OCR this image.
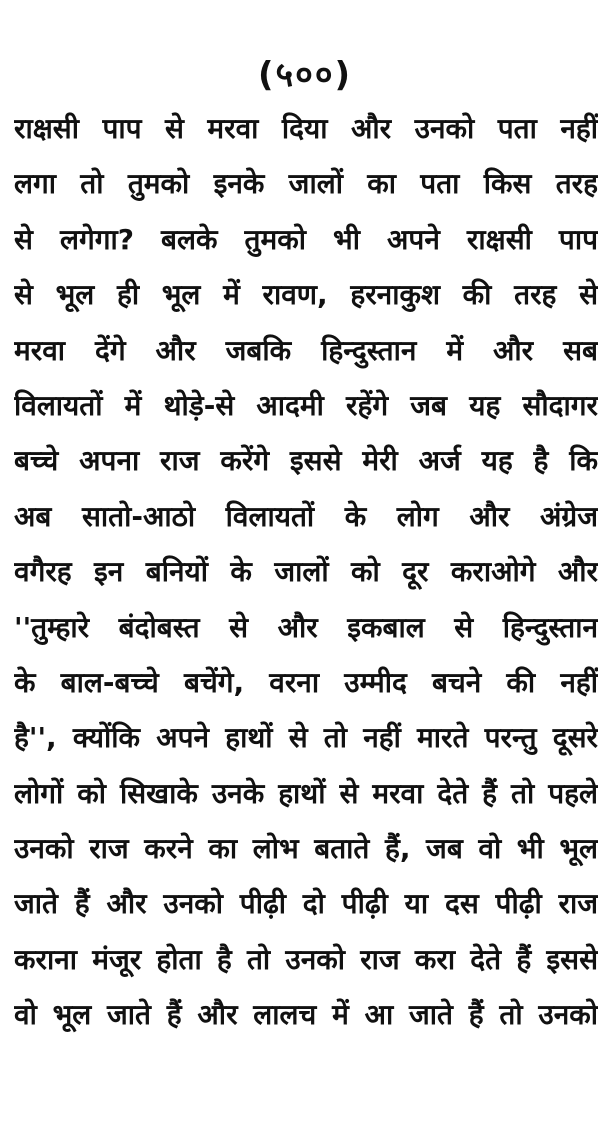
(५००)
राक्षसी पाप से मरवा दिया और उनको पता नहीं
लगा तो तुमको इनके जालों का पता किस तरह
से लगेगा? बलके तुमको भी अपने राक्षसी पाप
से भूल ही भूल में रावण, हरनाकुश की तरह से
मरवा देंगे और जबकि हिन्दुस्तान में और सब
विलायतों में थोड़े-से आदमी रहेंगे जब यह सौदागर
बच्चे अपना राज करेंगे इससे मेरी अर्ज यह है कि
अब सातो-आठो विलायतों के लोग और अंग्रेज
वगैरह इन बनियों के जालों को दूर कराओगे और
''तुम्हारे बंदोबस्त से और इकबाल से हिन्दुस्तान
के बाल-बच्चे बचेंगे, वरना उम्मीद बचने की नहीं
है'', क्योंकि अपने हाथों से तो नहीं मारते परन्तु दूसरे
लोगों को सिखाके उनके हाथों से मरवा देते हैं तो पहले
उनको राज करने का लोभ बताते हैं, जब वो भी भूल
जाते हैं और उनको पीढ़ी दो पीढ़ी या दस पीढ़ी राज
कराना मंजूर होता है तो उनको राज करा देते हैं इससे
वो भूल जाते हैं और लालच में आ जाते हैं तो उनको
